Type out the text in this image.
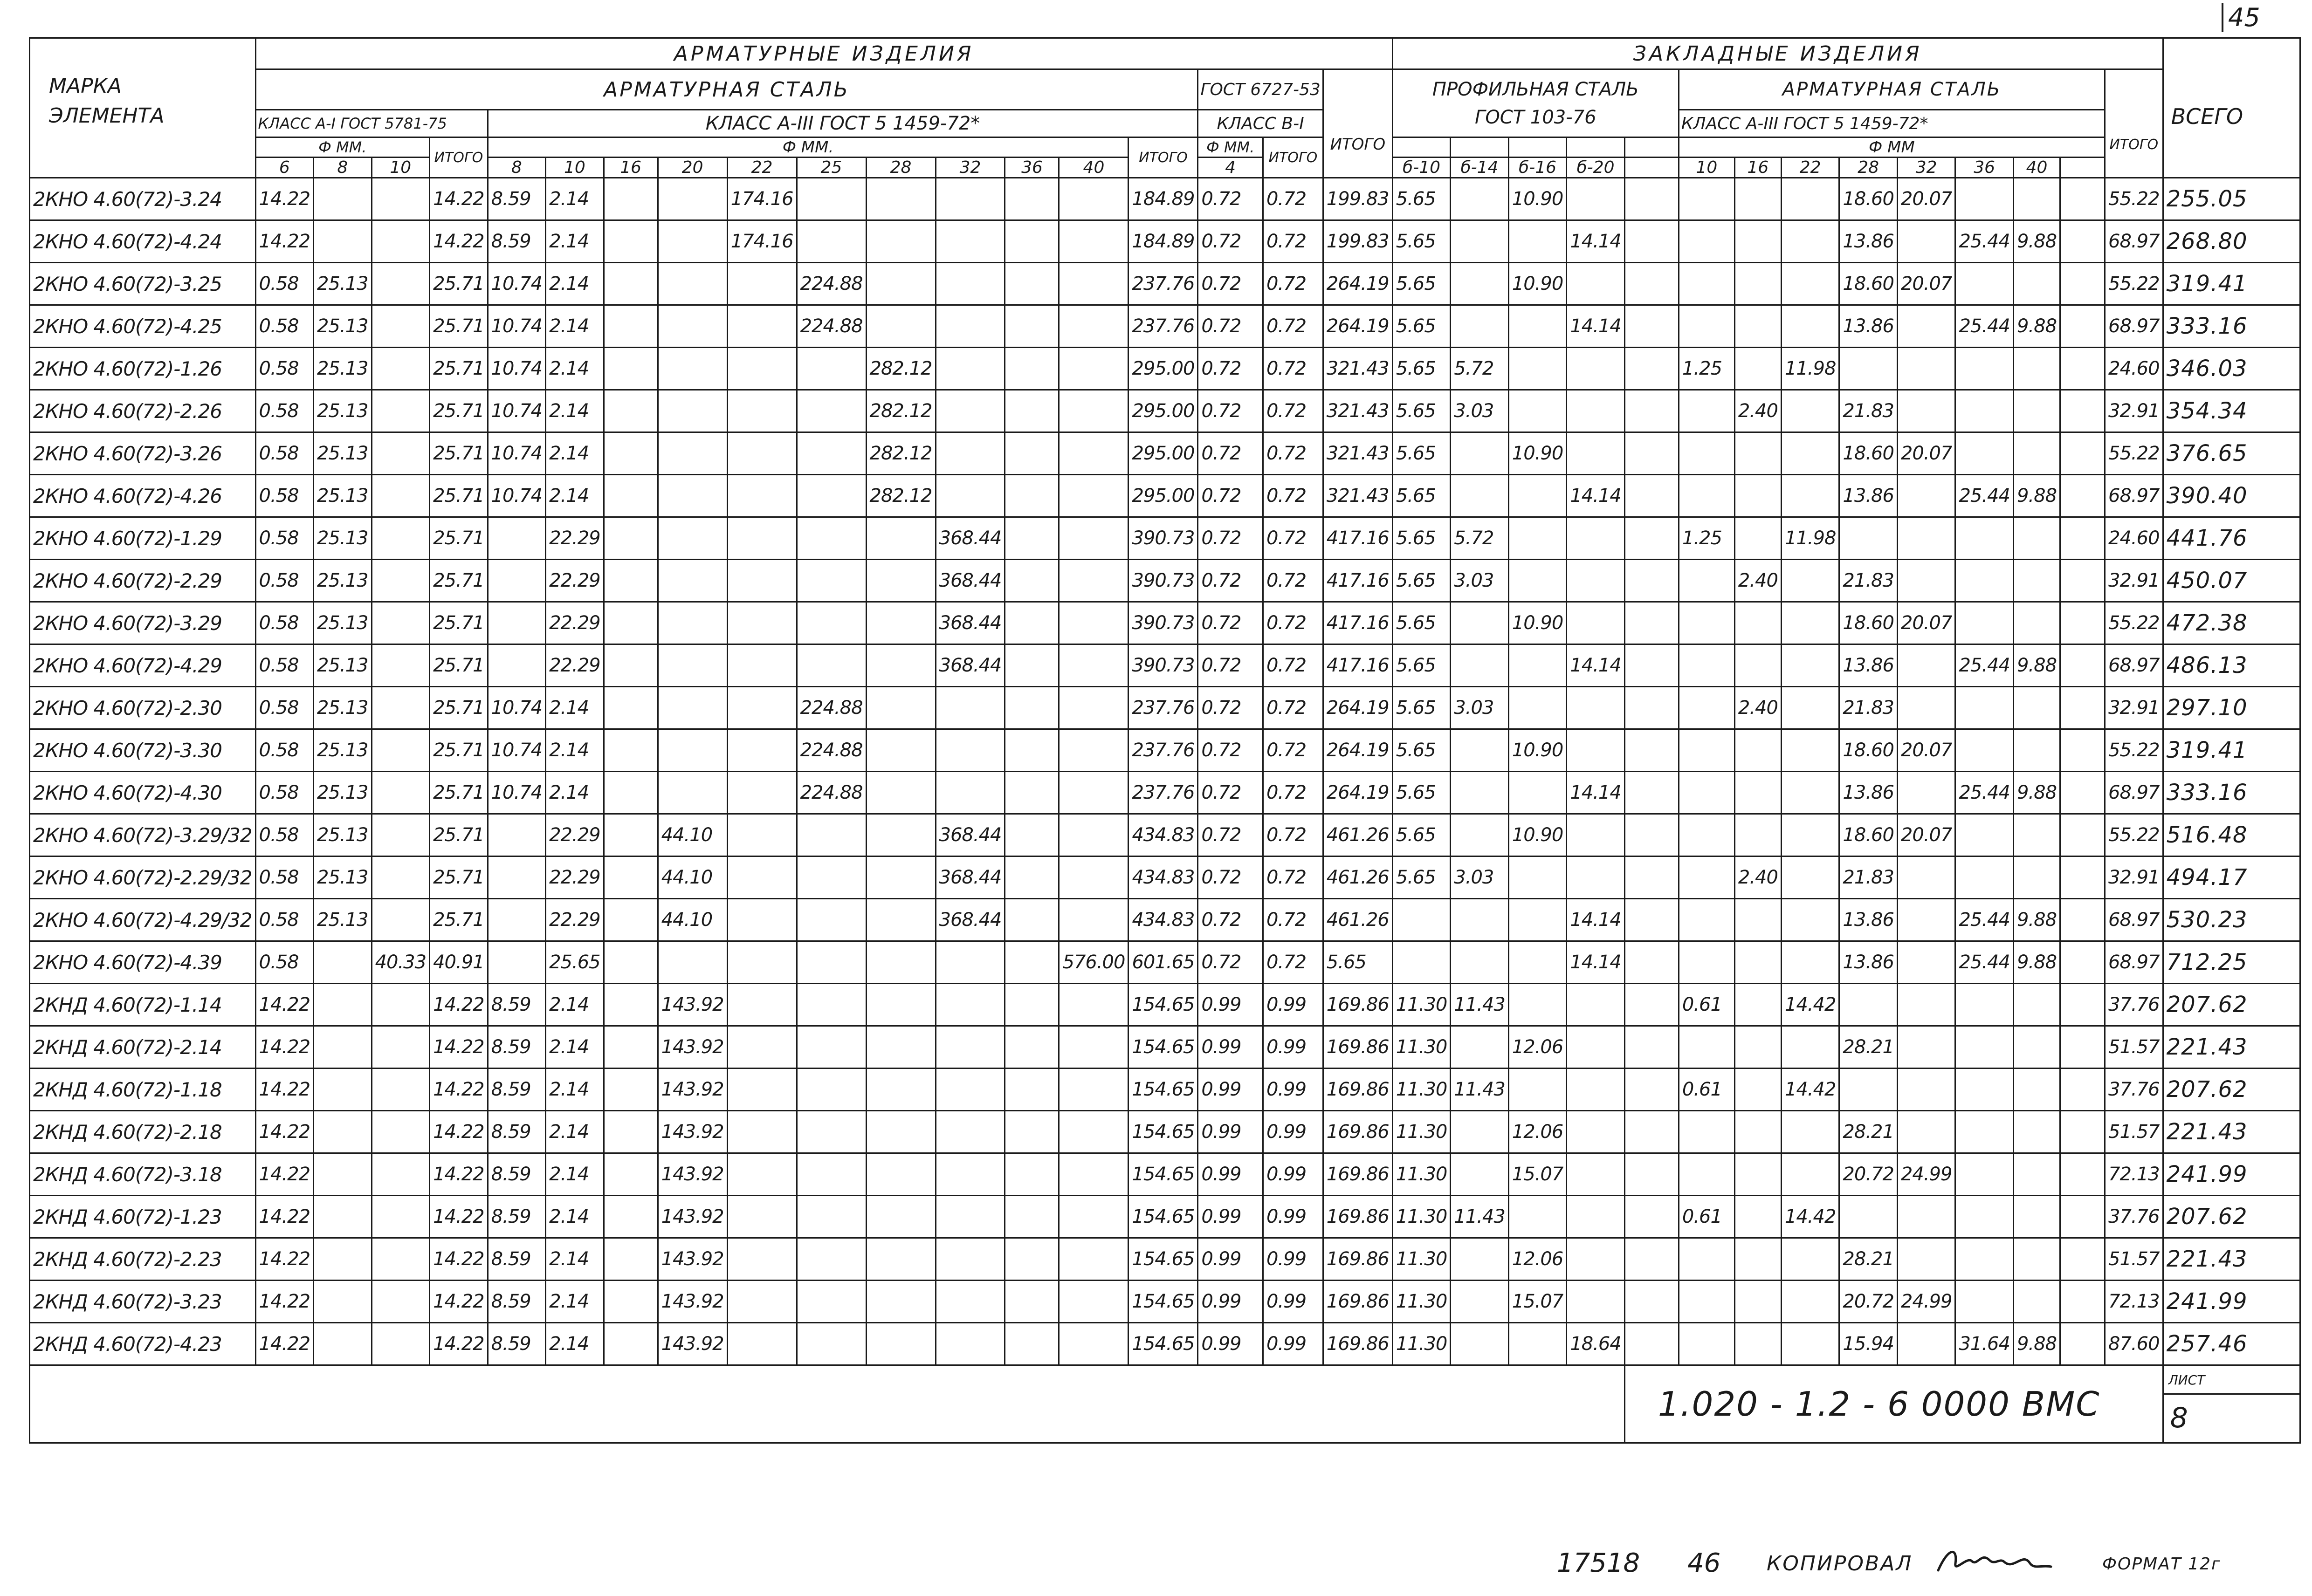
45
МАРКА ЭЛЕМЕНТА	АРМАТУРНЫЕ ИЗДЕЛИЯ																		ЗАКЛАДНЫЕ ИЗДЕЛИЯ														ВСЕГО
	АРМАТУРНАЯ СТАЛЬ															ГОСТ 6727-53		ИТОГО	ПРОФИЛЬНАЯ СТАЛЬ
ГОСТ 103-76					АРМАТУРНАЯ СТАЛЬ								ИТОГО	
	КЛАСС А-I ГОСТ 5781-75				КЛАСС А-III ГОСТ 5 1459-72*											КЛАСС В-I								КЛАСС А-III ГОСТ 5 1459-72*									
	Ф ММ.			ИТОГО	Ф ММ.										ИТОГО	Ф ММ.	ИТОГО							Ф ММ									
	6	8	10		8	10	16	20	22	25	28	32	36	40		4			б-10	б-14	б-16	б-20		10	16	22	28	32	36	40			
2КНО 4.60(72)-3.24	14.22			14.22	8.59	2.14			174.16						184.89	0.72	0.72	199.83	5.65		10.90						18.60	20.07				55.22	255.05
2КНО 4.60(72)-4.24	14.22			14.22	8.59	2.14			174.16						184.89	0.72	0.72	199.83	5.65			14.14					13.86		25.44	9.88		68.97	268.80
2КНО 4.60(72)-3.25	0.58	25.13		25.71	10.74	2.14				224.88					237.76	0.72	0.72	264.19	5.65		10.90						18.60	20.07				55.22	319.41
2КНО 4.60(72)-4.25	0.58	25.13		25.71	10.74	2.14				224.88					237.76	0.72	0.72	264.19	5.65			14.14					13.86		25.44	9.88		68.97	333.16
2КНО 4.60(72)-1.26	0.58	25.13		25.71	10.74	2.14					282.12				295.00	0.72	0.72	321.43	5.65	5.72				1.25		11.98						24.60	346.03
2КНО 4.60(72)-2.26	0.58	25.13		25.71	10.74	2.14					282.12				295.00	0.72	0.72	321.43	5.65	3.03					2.40		21.83					32.91	354.34
2КНО 4.60(72)-3.26	0.58	25.13		25.71	10.74	2.14					282.12				295.00	0.72	0.72	321.43	5.65		10.90						18.60	20.07				55.22	376.65
2КНО 4.60(72)-4.26	0.58	25.13		25.71	10.74	2.14					282.12				295.00	0.72	0.72	321.43	5.65			14.14					13.86		25.44	9.88		68.97	390.40
2КНО 4.60(72)-1.29	0.58	25.13		25.71		22.29						368.44			390.73	0.72	0.72	417.16	5.65	5.72				1.25		11.98						24.60	441.76
2КНО 4.60(72)-2.29	0.58	25.13		25.71		22.29						368.44			390.73	0.72	0.72	417.16	5.65	3.03					2.40		21.83					32.91	450.07
2КНО 4.60(72)-3.29	0.58	25.13		25.71		22.29						368.44			390.73	0.72	0.72	417.16	5.65		10.90						18.60	20.07				55.22	472.38
2КНО 4.60(72)-4.29	0.58	25.13		25.71		22.29						368.44			390.73	0.72	0.72	417.16	5.65			14.14					13.86		25.44	9.88		68.97	486.13
2КНО 4.60(72)-2.30	0.58	25.13		25.71	10.74	2.14				224.88					237.76	0.72	0.72	264.19	5.65	3.03					2.40		21.83					32.91	297.10
2КНО 4.60(72)-3.30	0.58	25.13		25.71	10.74	2.14				224.88					237.76	0.72	0.72	264.19	5.65		10.90						18.60	20.07				55.22	319.41
2КНО 4.60(72)-4.30	0.58	25.13		25.71	10.74	2.14				224.88					237.76	0.72	0.72	264.19	5.65			14.14					13.86		25.44	9.88		68.97	333.16
2КНО 4.60(72)-3.29/32	0.58	25.13		25.71		22.29		44.10				368.44			434.83	0.72	0.72	461.26	5.65		10.90						18.60	20.07				55.22	516.48
2КНО 4.60(72)-2.29/32	0.58	25.13		25.71		22.29		44.10				368.44			434.83	0.72	0.72	461.26	5.65	3.03					2.40		21.83					32.91	494.17
2КНО 4.60(72)-4.29/32	0.58	25.13		25.71		22.29		44.10				368.44			434.83	0.72	0.72	461.26				14.14					13.86		25.44	9.88		68.97	530.23
2КНО 4.60(72)-4.39	0.58		40.33	40.91		25.65								576.00	601.65	0.72	0.72	5.65				14.14					13.86		25.44	9.88		68.97	712.25
2КНД 4.60(72)-1.14	14.22			14.22	8.59	2.14		143.92							154.65	0.99	0.99	169.86	11.30	11.43				0.61		14.42						37.76	207.62
2КНД 4.60(72)-2.14	14.22			14.22	8.59	2.14		143.92							154.65	0.99	0.99	169.86	11.30		12.06						28.21					51.57	221.43
2КНД 4.60(72)-1.18	14.22			14.22	8.59	2.14		143.92							154.65	0.99	0.99	169.86	11.30	11.43				0.61		14.42						37.76	207.62
2КНД 4.60(72)-2.18	14.22			14.22	8.59	2.14		143.92							154.65	0.99	0.99	169.86	11.30		12.06						28.21					51.57	221.43
2КНД 4.60(72)-3.18	14.22			14.22	8.59	2.14		143.92							154.65	0.99	0.99	169.86	11.30		15.07						20.72	24.99				72.13	241.99
2КНД 4.60(72)-1.23	14.22			14.22	8.59	2.14		143.92							154.65	0.99	0.99	169.86	11.30	11.43				0.61		14.42						37.76	207.62
2КНД 4.60(72)-2.23	14.22			14.22	8.59	2.14		143.92							154.65	0.99	0.99	169.86	11.30		12.06						28.21					51.57	221.43
2КНД 4.60(72)-3.23	14.22			14.22	8.59	2.14		143.92							154.65	0.99	0.99	169.86	11.30		15.07						20.72	24.99				72.13	241.99
2КНД 4.60(72)-4.23	14.22			14.22	8.59	2.14		143.92							154.65	0.99	0.99	169.86	11.30			18.64					15.94		31.64	9.88		87.60	257.46
																							1.020 - 1.2 - 6 0000 ВМС										ЛИСТ
8
17518 46 КОПИРОВАЛ	ФОРМАТ 12г
